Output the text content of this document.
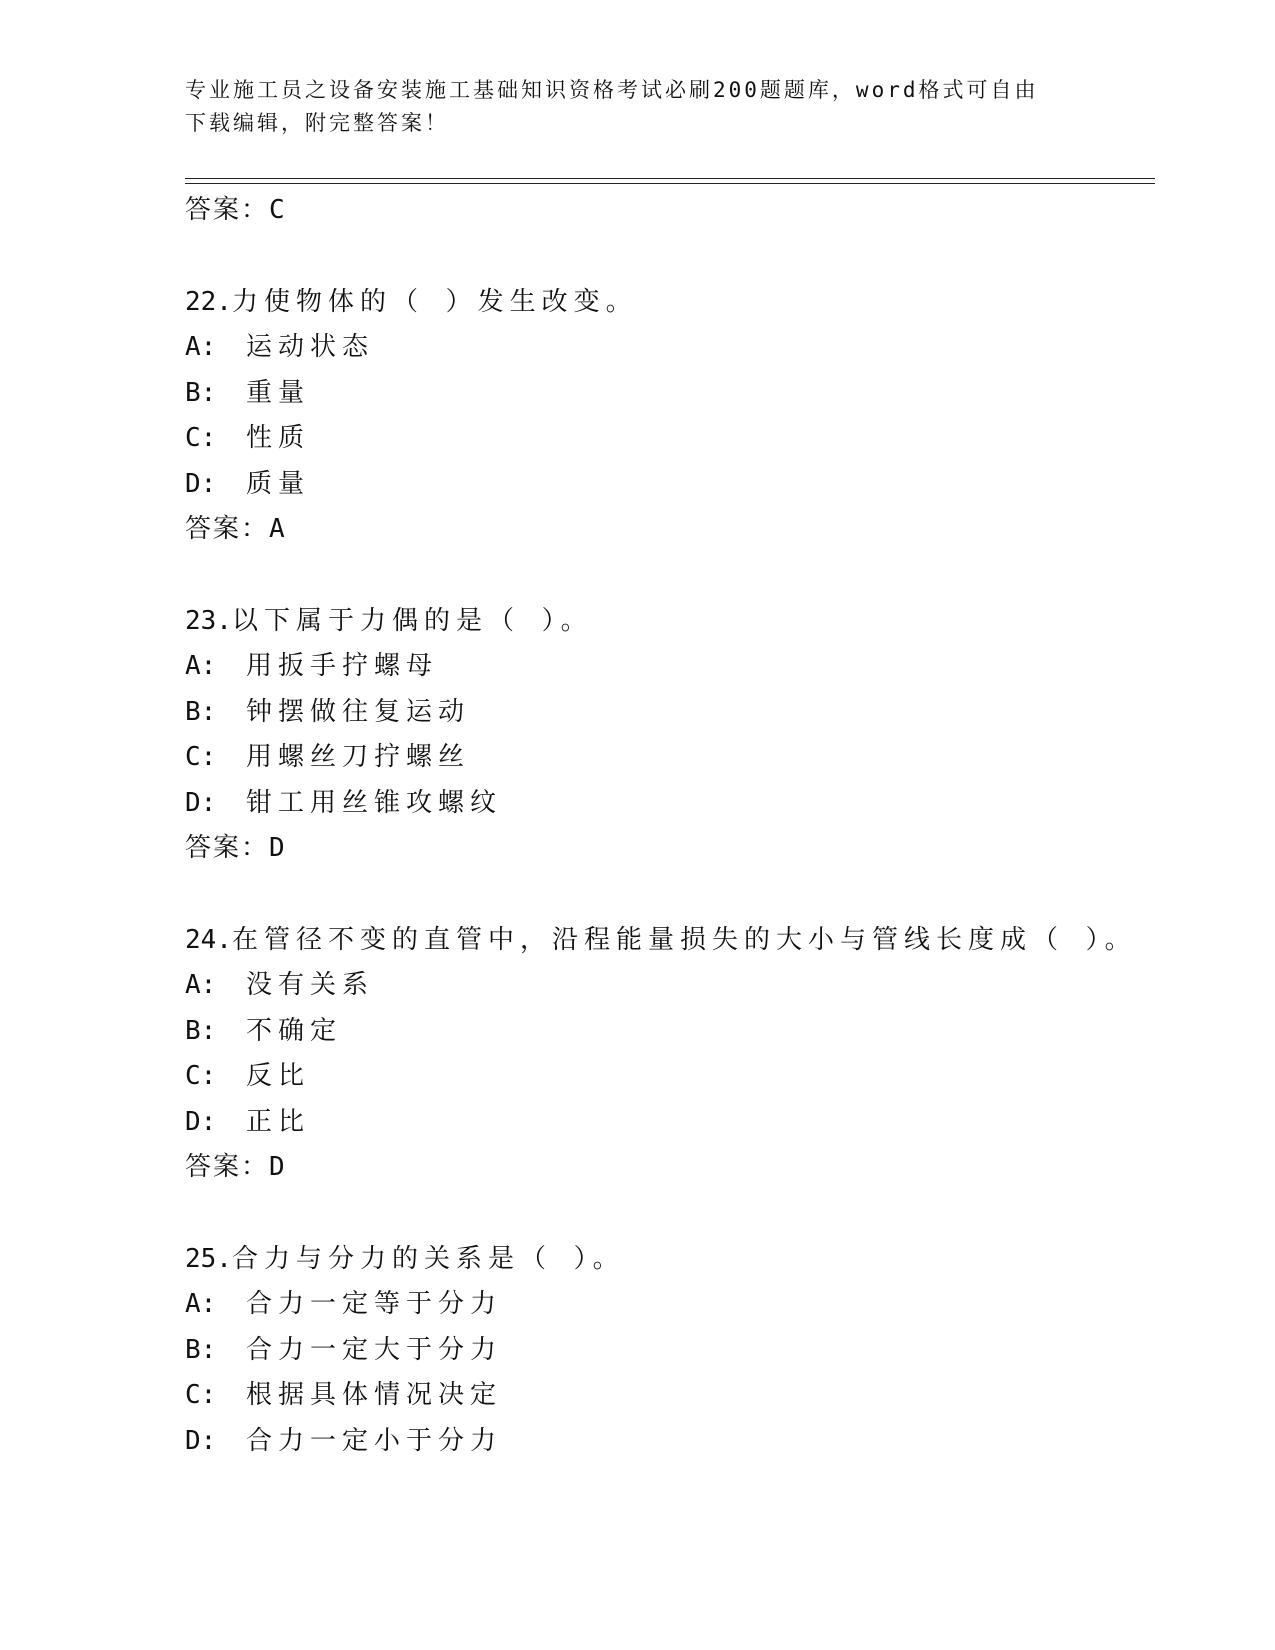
专业施工员之设备安装施工基础知识资格考试必刷200题题库，word格式可自由
下载编辑，附完整答案！
答案：C
22.力使物体的（ ）发生改变。
A: 运动状态
B: 重量
C: 性质
D: 质量
答案：A
23.以下属于力偶的是（ ）。
A: 用扳手拧螺母
B: 钟摆做往复运动
C: 用螺丝刀拧螺丝
D: 钳工用丝锥攻螺纹
答案：D
24.在管径不变的直管中，沿程能量损失的大小与管线长度成（ ）。
A: 没有关系
B: 不确定
C: 反比
D: 正比
答案：D
25.合力与分力的关系是（ ）。
A: 合力一定等于分力
B: 合力一定大于分力
C: 根据具体情况决定
D: 合力一定小于分力
